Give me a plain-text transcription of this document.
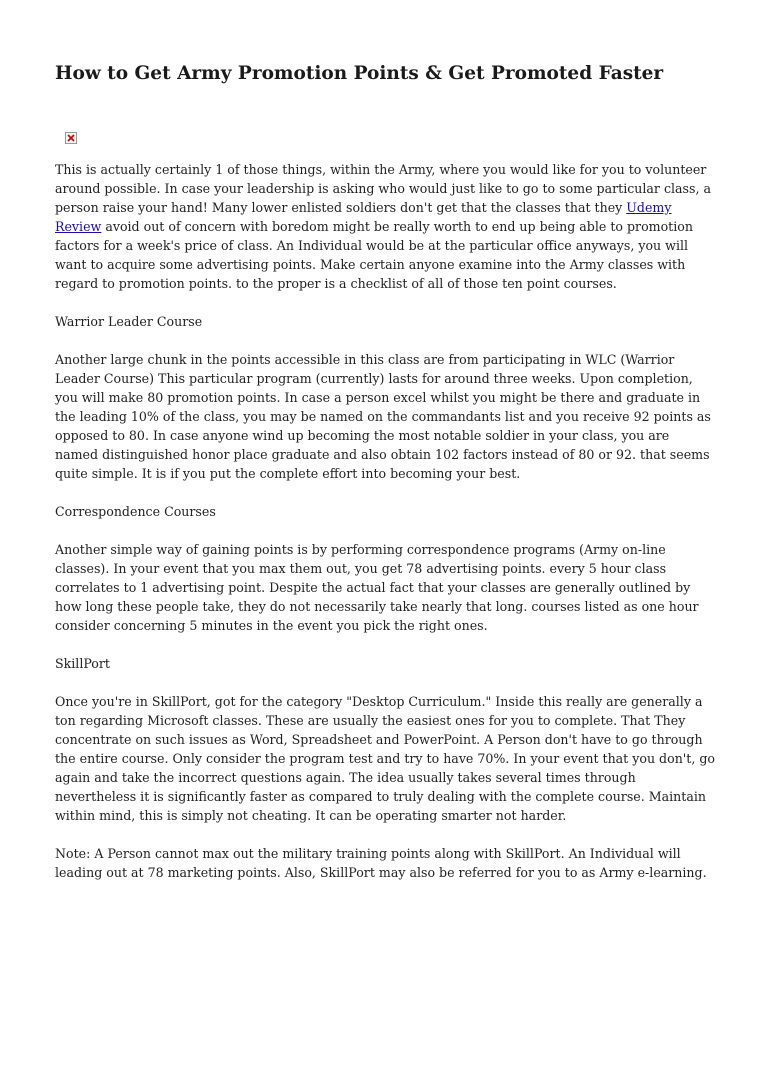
How to Get Army Promotion Points & Get Promoted Faster

This is actually certainly 1 of those things, within the Army, where you would like for you to volunteer around possible. In case your leadership is asking who would just like to go to some particular class, a person raise your hand! Many lower enlisted soldiers don't get that the classes that they Udemy Review avoid out of concern with boredom might be really worth to end up being able to promotion factors for a week's price of class. An Individual would be at the particular office anyways, you will want to acquire some advertising points. Make certain anyone examine into the Army classes with regard to promotion points. to the proper is a checklist of all of those ten point courses.

Warrior Leader Course

Another large chunk in the points accessible in this class are from participating in WLC (Warrior Leader Course) This particular program (currently) lasts for around three weeks. Upon completion, you will make 80 promotion points. In case a person excel whilst you might be there and graduate in the leading 10% of the class, you may be named on the commandants list and you receive 92 points as opposed to 80. In case anyone wind up becoming the most notable soldier in your class, you are named distinguished honor place graduate and also obtain 102 factors instead of 80 or 92. that seems quite simple. It is if you put the complete effort into becoming your best.

Correspondence Courses

Another simple way of gaining points is by performing correspondence programs (Army on-line classes). In your event that you max them out, you get 78 advertising points. every 5 hour class correlates to 1 advertising point. Despite the actual fact that your classes are generally outlined by how long these people take, they do not necessarily take nearly that long. courses listed as one hour consider concerning 5 minutes in the event you pick the right ones.

SkillPort

Once you're in SkillPort, got for the category "Desktop Curriculum." Inside this really are generally a ton regarding Microsoft classes. These are usually the easiest ones for you to complete. That They concentrate on such issues as Word, Spreadsheet and PowerPoint. A Person don't have to go through the entire course. Only consider the program test and try to have 70%. In your event that you don't, go again and take the incorrect questions again. The idea usually takes several times through nevertheless it is significantly faster as compared to truly dealing with the complete course. Maintain within mind, this is simply not cheating. It can be operating smarter not harder.

Note: A Person cannot max out the military training points along with SkillPort. An Individual will leading out at 78 marketing points. Also, SkillPort may also be referred for you to as Army e-learning.
